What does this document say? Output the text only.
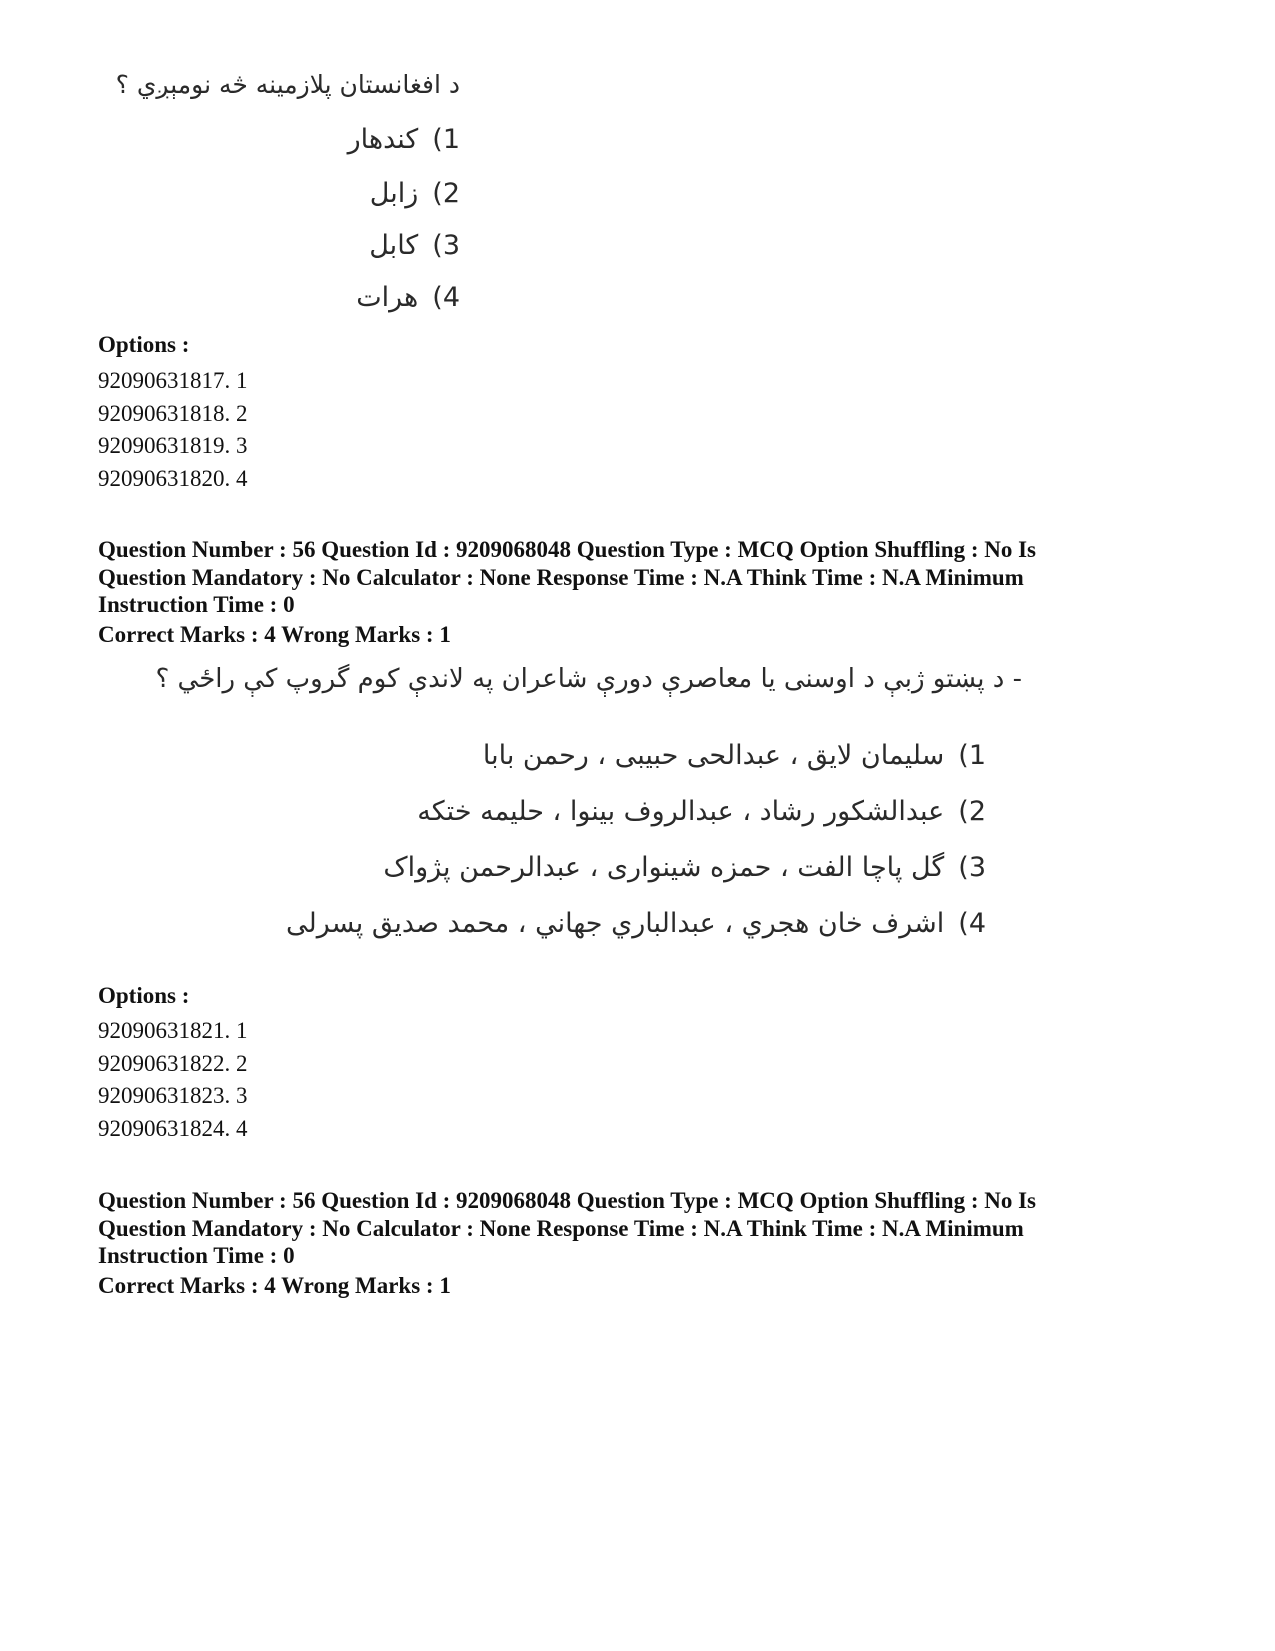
د افغانستان پلازمینه څه نومېږي ؟
(1کندهار
(2زابل
(3کابل
(4هرات
Options :
92090631817. 1
92090631818. 2
92090631819. 3
92090631820. 4
Question Number : 56 Question Id : 9209068048 Question Type : MCQ Option Shuffling : No Is
Question Mandatory : No Calculator : None Response Time : N.A Think Time : N.A Minimum
Instruction Time : 0
Correct Marks : 4 Wrong Marks : 1
- د پښتو ژبې د اوسنی یا معاصرې دورې شاعران په لاندې کوم گروپ کې راځي ؟
(1سلیمان لایق ، عبدالحی حبیبی ، رحمن بابا
(2عبدالشکور رشاد ، عبدالروف بینوا ، حلیمه ختکه
(3گل پاچا الفت ، حمزه شینواری ، عبدالرحمن پژواک
(4اشرف خان هجري ، عبدالباري جهاني ، محمد صدیق پسرلی
Options :
92090631821. 1
92090631822. 2
92090631823. 3
92090631824. 4
Question Number : 56 Question Id : 9209068048 Question Type : MCQ Option Shuffling : No Is
Question Mandatory : No Calculator : None Response Time : N.A Think Time : N.A Minimum
Instruction Time : 0
Correct Marks : 4 Wrong Marks : 1
